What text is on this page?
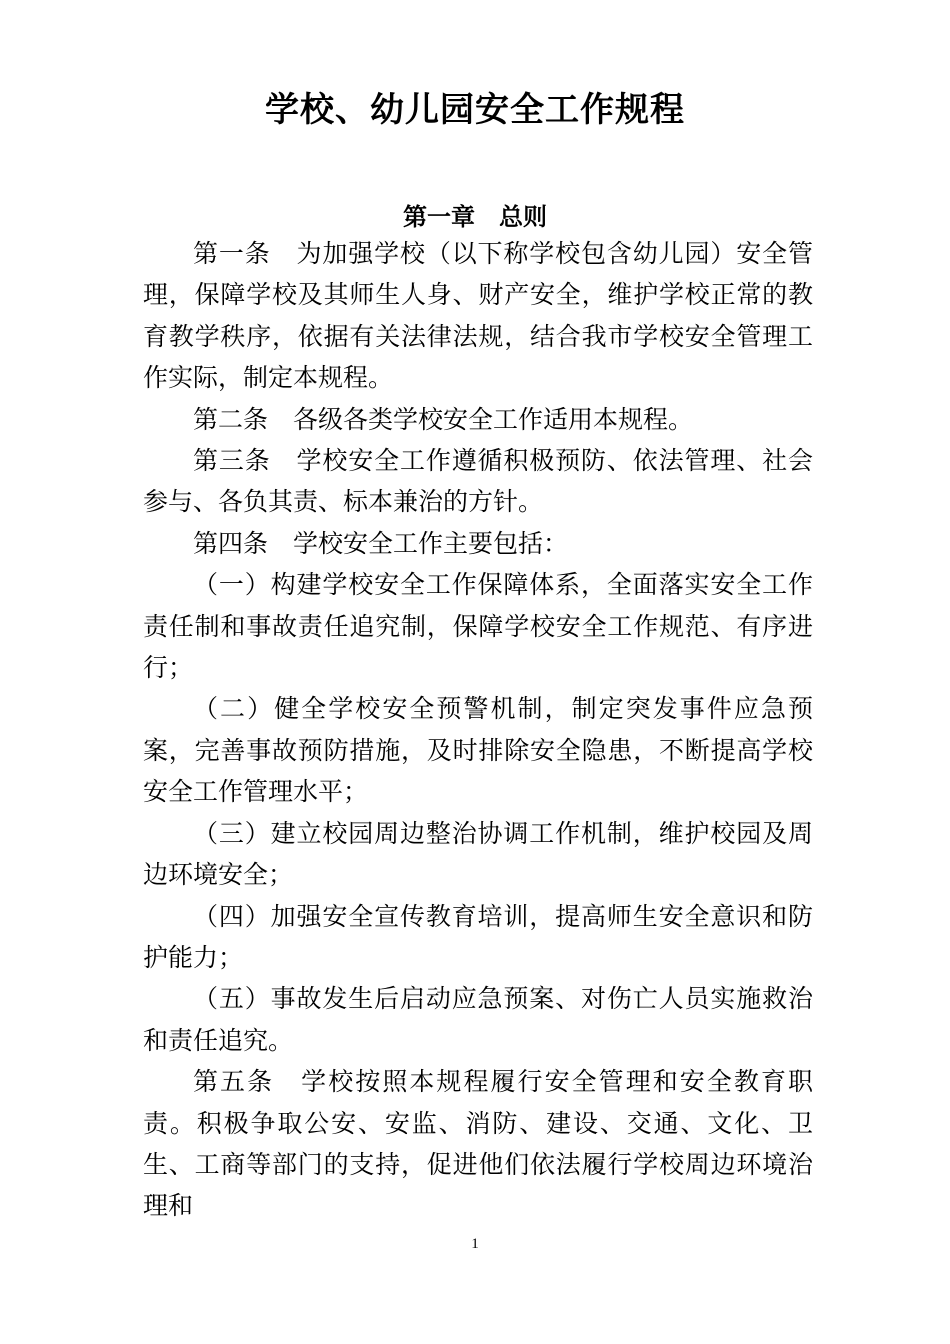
学校、幼儿园安全工作规程
第一章　总则

第一条　为加强学校（以下称学校包含幼儿园）安全管理，保障学校及其师生人身、财产安全，维护学校正常的教育教学秩序，依据有关法律法规，结合我市学校安全管理工作实际，制定本规程。

第二条　各级各类学校安全工作适用本规程。

第三条　学校安全工作遵循积极预防、依法管理、社会参与、各负其责、标本兼治的方针。

第四条　学校安全工作主要包括：

（一）构建学校安全工作保障体系，全面落实安全工作责任制和事故责任追究制，保障学校安全工作规范、有序进行；

（二）健全学校安全预警机制，制定突发事件应急预案，完善事故预防措施，及时排除安全隐患，不断提高学校安全工作管理水平；

（三）建立校园周边整治协调工作机制，维护校园及周边环境安全；

（四）加强安全宣传教育培训，提高师生安全意识和防护能力；

（五）事故发生后启动应急预案、对伤亡人员实施救治和责任追究。

第五条　学校按照本规程履行安全管理和安全教育职责。积极争取公安、安监、消防、建设、交通、文化、卫生、工商等部门的支持，促进他们依法履行学校周边环境治理和

1
